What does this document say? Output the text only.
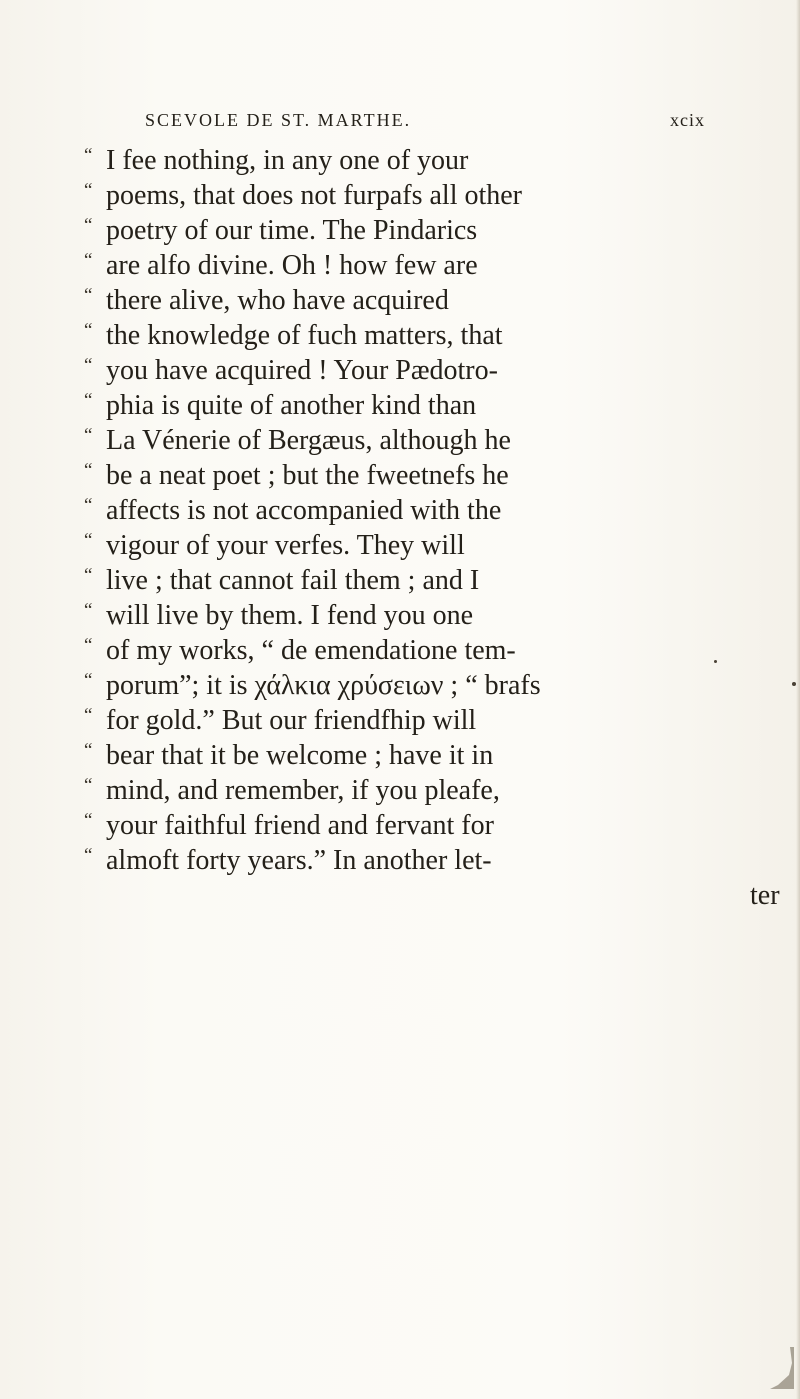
SCEVOLE DE ST. MARTHE.	xcix
“ I fee nothing, in any one of your
“ poems, that does not furpafs all other
“ poetry of our time. The Pindarics
“ are alfo divine. Oh ! how few are
“ there alive, who have acquired
“ the knowledge of fuch matters, that
“ you have acquired ! Your Pædotro-
“ phia is quite of another kind than
“ La Vénerie of Bergæus, although he
“ be a neat poet ; but the fweetnefs he
“ affects is not accompanied with the
“ vigour of your verfes. They will
“ live ; that cannot fail them ; and I
“ will live by them. I fend you one
“ of my works, “ de emendatione tem-
“ porum”; it is χάλκια χρύσειων ; “ brafs
“ for gold.” But our friendfhip will
“ bear that it be welcome ; have it in
“ mind, and remember, if you pleafe,
“ your faithful friend and fervant for
“ almoft forty years.” In another let-
ter
